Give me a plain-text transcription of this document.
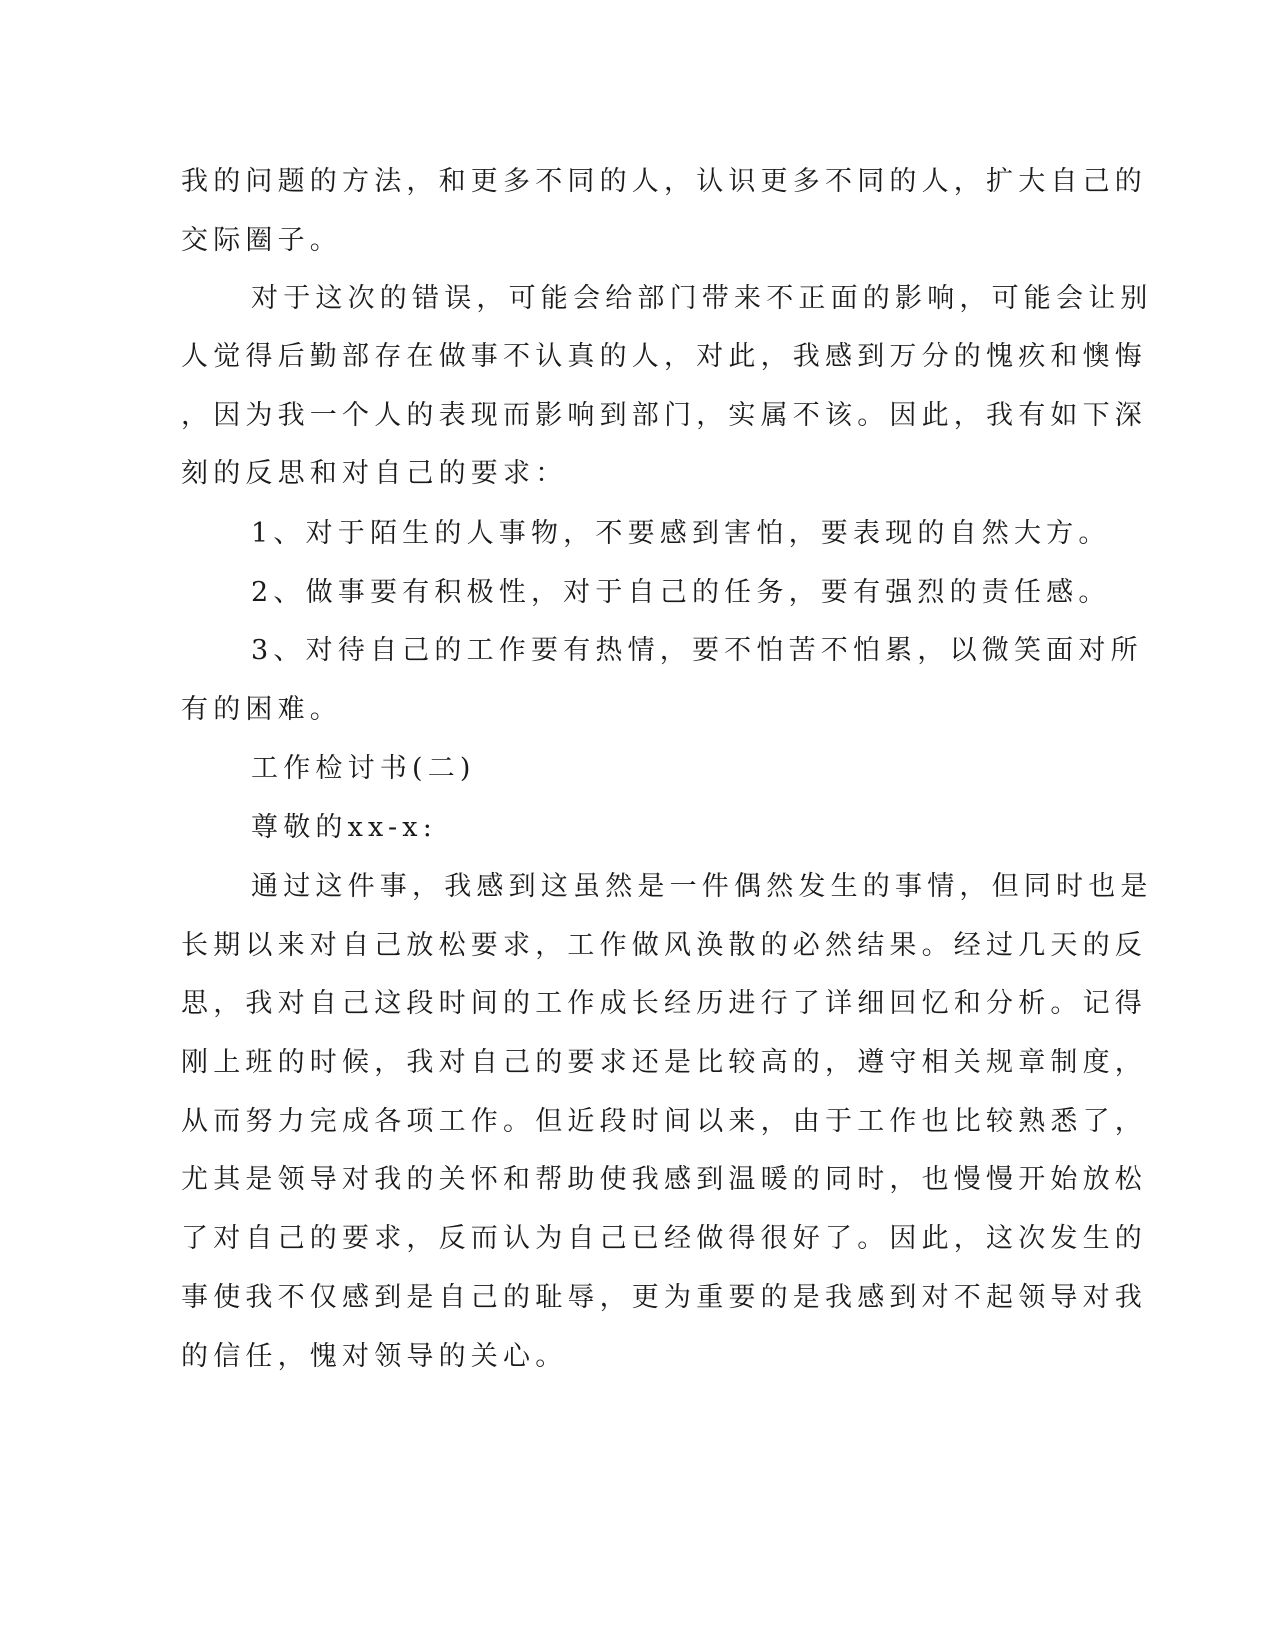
我的问题的方法，和更多不同的人，认识更多不同的人，扩大自己的
交际圈子。
对于这次的错误，可能会给部门带来不正面的影响，可能会让别
人觉得后勤部存在做事不认真的人，对此，我感到万分的愧疚和懊悔
，因为我一个人的表现而影响到部门，实属不该。因此，我有如下深
刻的反思和对自己的要求：
1、对于陌生的人事物，不要感到害怕，要表现的自然大方。
2、做事要有积极性，对于自己的任务，要有强烈的责任感。
3、对待自己的工作要有热情，要不怕苦不怕累，以微笑面对所
有的困难。
工作检讨书(二)
尊敬的xx-x:
通过这件事，我感到这虽然是一件偶然发生的事情，但同时也是
长期以来对自己放松要求，工作做风涣散的必然结果。经过几天的反
思，我对自己这段时间的工作成长经历进行了详细回忆和分析。记得
刚上班的时候，我对自己的要求还是比较高的，遵守相关规章制度，
从而努力完成各项工作。但近段时间以来，由于工作也比较熟悉了，
尤其是领导对我的关怀和帮助使我感到温暖的同时，也慢慢开始放松
了对自己的要求，反而认为自己已经做得很好了。因此，这次发生的
事使我不仅感到是自己的耻辱，更为重要的是我感到对不起领导对我
的信任，愧对领导的关心。
